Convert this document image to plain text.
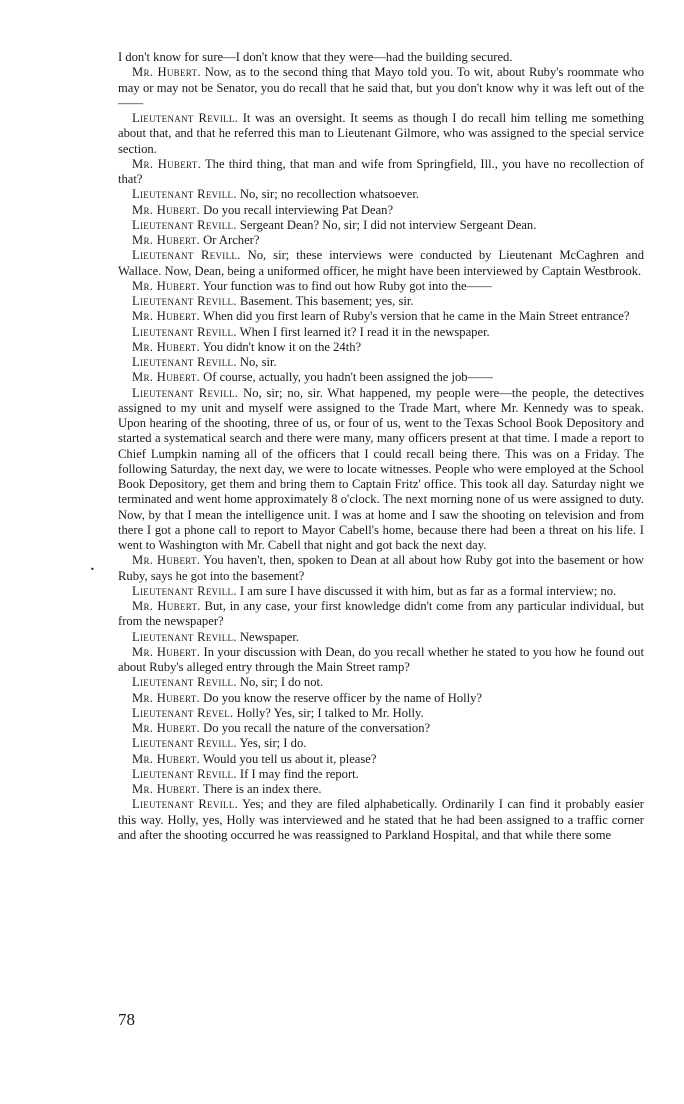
I don't know for sure—I don't know that they were—had the building secured.

Mr. Hubert. Now, as to the second thing that Mayo told you. To wit, about Ruby's roommate who may or may not be Senator, you do recall that he said that, but you don't know why it was left out of the——

Lieutenant Revill. It was an oversight. It seems as though I do recall him telling me something about that, and that he referred this man to Lieutenant Gilmore, who was assigned to the special service section.

Mr. Hubert. The third thing, that man and wife from Springfield, Ill., you have no recollection of that?

Lieutenant Revill. No, sir; no recollection whatsoever.

Mr. Hubert. Do you recall interviewing Pat Dean?

Lieutenant Revill. Sergeant Dean? No, sir; I did not interview Sergeant Dean.

Mr. Hubert. Or Archer?

Lieutenant Revill. No, sir; these interviews were conducted by Lieutenant McCaghren and Wallace. Now, Dean, being a uniformed officer, he might have been interviewed by Captain Westbrook.

Mr. Hubert. Your function was to find out how Ruby got into the——

Lieutenant Revill. Basement. This basement; yes, sir.

Mr. Hubert. When did you first learn of Ruby's version that he came in the Main Street entrance?

Lieutenant Revill. When I first learned it? I read it in the newspaper.

Mr. Hubert. You didn't know it on the 24th?

Lieutenant Revill. No, sir.

Mr. Hubert. Of course, actually, you hadn't been assigned the job——

Lieutenant Revill. No, sir; no, sir. What happened, my people were—the people, the detectives assigned to my unit and myself were assigned to the Trade Mart, where Mr. Kennedy was to speak. Upon hearing of the shooting, three of us, or four of us, went to the Texas School Book Depository and started a systematical search and there were many, many officers present at that time. I made a report to Chief Lumpkin naming all of the officers that I could recall being there. This was on a Friday. The following Saturday, the next day, we were to locate witnesses. People who were employed at the School Book Depository, get them and bring them to Captain Fritz' office. This took all day. Saturday night we terminated and went home approximately 8 o'clock. The next morning none of us were assigned to duty. Now, by that I mean the intelligence unit. I was at home and I saw the shooting on television and from there I got a phone call to report to Mayor Cabell's home, because there had been a threat on his life. I went to Washington with Mr. Cabell that night and got back the next day.

Mr. Hubert. You haven't, then, spoken to Dean at all about how Ruby got into the basement or how Ruby, says he got into the basement?

Lieutenant Revill. I am sure I have discussed it with him, but as far as a formal interview; no.

Mr. Hubert. But, in any case, your first knowledge didn't come from any particular individual, but from the newspaper?

Lieutenant Revill. Newspaper.

Mr. Hubert. In your discussion with Dean, do you recall whether he stated to you how he found out about Ruby's alleged entry through the Main Street ramp?

Lieutenant Revill. No, sir; I do not.

Mr. Hubert. Do you know the reserve officer by the name of Holly?

Lieutenant Revel. Holly? Yes, sir; I talked to Mr. Holly.

Mr. Hubert. Do you recall the nature of the conversation?

Lieutenant Revill. Yes, sir; I do.

Mr. Hubert. Would you tell us about it, please?

Lieutenant Revill. If I may find the report.

Mr. Hubert. There is an index there.

Lieutenant Revill. Yes; and they are filed alphabetically. Ordinarily I can find it probably easier this way. Holly, yes, Holly was interviewed and he stated that he had been assigned to a traffic corner and after the shooting occurred he was reassigned to Parkland Hospital, and that while there some

•
78
